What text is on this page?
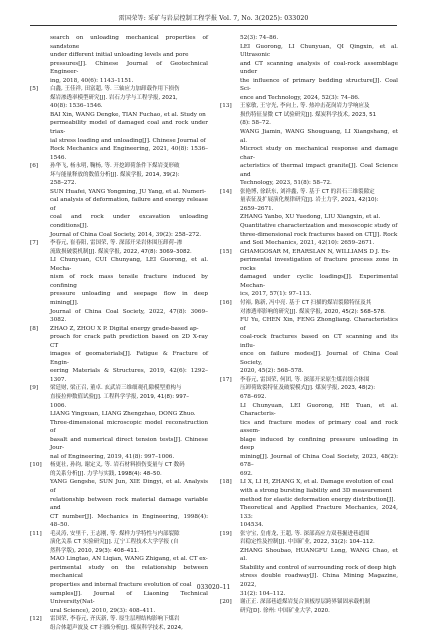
雷国荣等: 采矿与岩层控制工程学报 Vol. 7, No. 3(2025): 033020

search on unloading mechanical properties of sandstone

under different initial unloading levels and pore

pressures[J]. Chinese Journal of Geotechnical Engineer-

ing, 2018, 40(6): 1143–1151.

[5] 白鑫, 王佳祥, 田富超, 等. 三轴应力加卸载作用下损伤

煤岩渗透率模型研究[J]. 岩石力学与工程学报, 2021,

40(8): 1536–1546.

BAI Xin, WANG Dengke, TIAN Fuchao, et al. Study on

permeability model of damaged coal and rock under triax-

ial stress loading and unloading[J]. Chinese Journal of

Rock Mechanics and Engineering, 2021, 40(8): 1536–1546.

[6] 孙华飞, 杨永明, 鞠杨, 等. 开挖卸荷条件下煤岩变形破

坏与能量释放的数值分析[J]. 煤炭学报, 2014, 39(2):

258–272.

SUN Huafei, YANG Yongming, JU Yang, et al. Numeri-

cal analysis of deformation, failure and energy release of

coal and rock under excavation unloading conditions[J].

Journal of China Coal Society, 2014, 39(2): 258–272.

[7] 李春元, 崔春阳, 雷国荣, 等. 深部开采岩体围压卸荷–渗

流致损破裂机制[J]. 煤炭学报, 2022, 47(8): 3069–3082.

LI Chunyuan, CUI Chunyang, LEI Guorong, et al. Mecha-

nism of rock mass tensile fracture induced by confining

pressure unloading and seepage flow in deep mining[J].

Journal of China Coal Society, 2022, 47(8): 3069–3082.

[8] ZHAO Z, ZHOU X P. Digital energy grade-based ap-

proach for crack path prediction based on 2D X-ray CT

images of geomaterials[J]. Fatigue & Fracture of Engin-

eering Materials & Structures, 2019, 42(6): 1292–1307.

[9] 梁廷财, 梁正召, 董卓. 玄武岩三维细观孔隙模型重构与

直接拉伸数值试验[J]. 工程科学学报, 2019, 41(8): 997–

1006.

LIANG Yingxuan, LIANG Zhengzhao, DONG Zhuo.

Three-dimensional microscopic model reconstruction of

basalt and numerical direct tension tests[J]. Chinese Jour-

nal of Engineering, 2019, 41(8): 997–1006.

[10] 杨更社, 孙钧, 谢定义, 等. 岩石材料损伤变量与 CT 数码

的关系分析[J]. 力学与实践, 1998(4): 48–50.

YANG Gengshe, SUN Jun, XIE Dingyi, et al. Analysis of

relationship between rock material damage variable and

CT number[J]. Mechanics in Engineering, 1998(4): 48–50.

[11] 毛灵涛, 安里千, 王志刚, 等. 煤样力学特性与内部裂隙

演化关系 CT 实验研究[J]. 辽宁工程技术大学学报 (自

然科学版), 2010, 29(3): 408–411.

MAO Lingtao, AN Liqian, WANG Zhigang, et al. CT ex-

perimental study on the relationship between mechanical

properties and internal fracture evolution of coal

samples[J]. Journal of Liaoning Technical University(Nat-

ural Science), 2010, 29(3): 408–411.

[12] 雷国荣, 李春元, 齐庆新, 等. 原生层理结构影响下煤岩

组合体超声波及 CT 扫描分析[J]. 煤炭科学技术, 2024,

52(3): 74–86.

LEI Guorong, LI Chunyuan, QI Qingxin, et al. Ultrasonic

and CT scanning analysis of coal-rock assemblage under

the influence of primary bedding structure[J]. Coal Sci-

ence and Technology, 2024, 52(3): 74–86.

[13] 王家敏, 王守光, 李向上, 等. 热冲击花岗岩力学响应及

损伤特征显微 CT 试验研究[J]. 煤炭科学技术, 2023, 51

(8): 58–72.

WANG Jiamin, WANG Shouguang, LI Xiangshang, et al.

Microct study on mechanical response and damage char-

acteristics of thermal impact granite[J]. Coal Science and

Technology, 2023, 51(8): 58–72.

[14] 张艳博, 徐跃东, 刘祥鑫, 等. 基于 CT 的岩石三维裂隙定

量表征及扩展演化规律研究[J]. 岩土力学, 2021, 42(10):

2659–2671.

ZHANG Yanbo, XU Yuedong, LIU Xiangxin, et al.

Quantitative characterization and mesoscopic study of

three-dimensional rock fractures based on CT[J]. Rock

and Soil Mechanics, 2021, 42(10): 2659–2671.

[15] GHAMGOSAR M, ERARSLAN N, WILLIAMS D J. Ex-

perimental investigation of fracture process zone in rocks

damaged under cyclic loadings[J]. Experimental Mechan-

ics, 2017, 57(1): 97–113.

[16] 付裕, 陈新, 冯中亮. 基于 CT 扫描的煤岩裂隙特征及其

对渗透率影响的研究[J]. 煤炭学报, 2020, 45(2): 568–578.

FU Yu, CHEN Xin, FENG Zhongliang. Characteristics of

coal-rock fractures based on CT scanning and its influ-

ence on failure modes[J]. Journal of China Coal Society,

2020, 45(2): 568–578.

[17] 李春元, 雷国荣, 何团, 等. 深部开采原生煤岩组合体围

压卸荷致裂特征及破裂模式[J]. 煤炭学报, 2023, 48(2):

678–692.

LI Chunyuan, LEI Guorong, HE Tuan, et al. Characteris-

tics and fracture modes of primary coal and rock assem-

blage induced by confining pressure unloading in deep

mining[J]. Journal of China Coal Society, 2023, 48(2): 678–

692.

[18] LI X, LI H, ZHANG X, et al. Damage evolution of coal

with a strong bursting liability and 3D measurement

method for elastic deformation energy distribution[J].

Theoretical and Applied Fracture Mechanics, 2024, 133:

104534.

[19] 张守宝, 皇甫龙, 王超, 等. 深部高应力双巷掘进巷道围

岩稳定性及控制[J]. 中国矿业, 2022, 31(2): 104–112.

ZHANG Shoubao, HUANGFU Long, WANG Chao, et al.

Stability and control of surrounding rock of deep high

stress double roadway[J]. China Mining Magazine, 2022,

31(2): 104–112.

[20] 谢正正. 深部巷道煤岩复合顶板厚层跨界锚固承载机制

研究[D]. 徐州: 中国矿业大学, 2020.

033020–11
